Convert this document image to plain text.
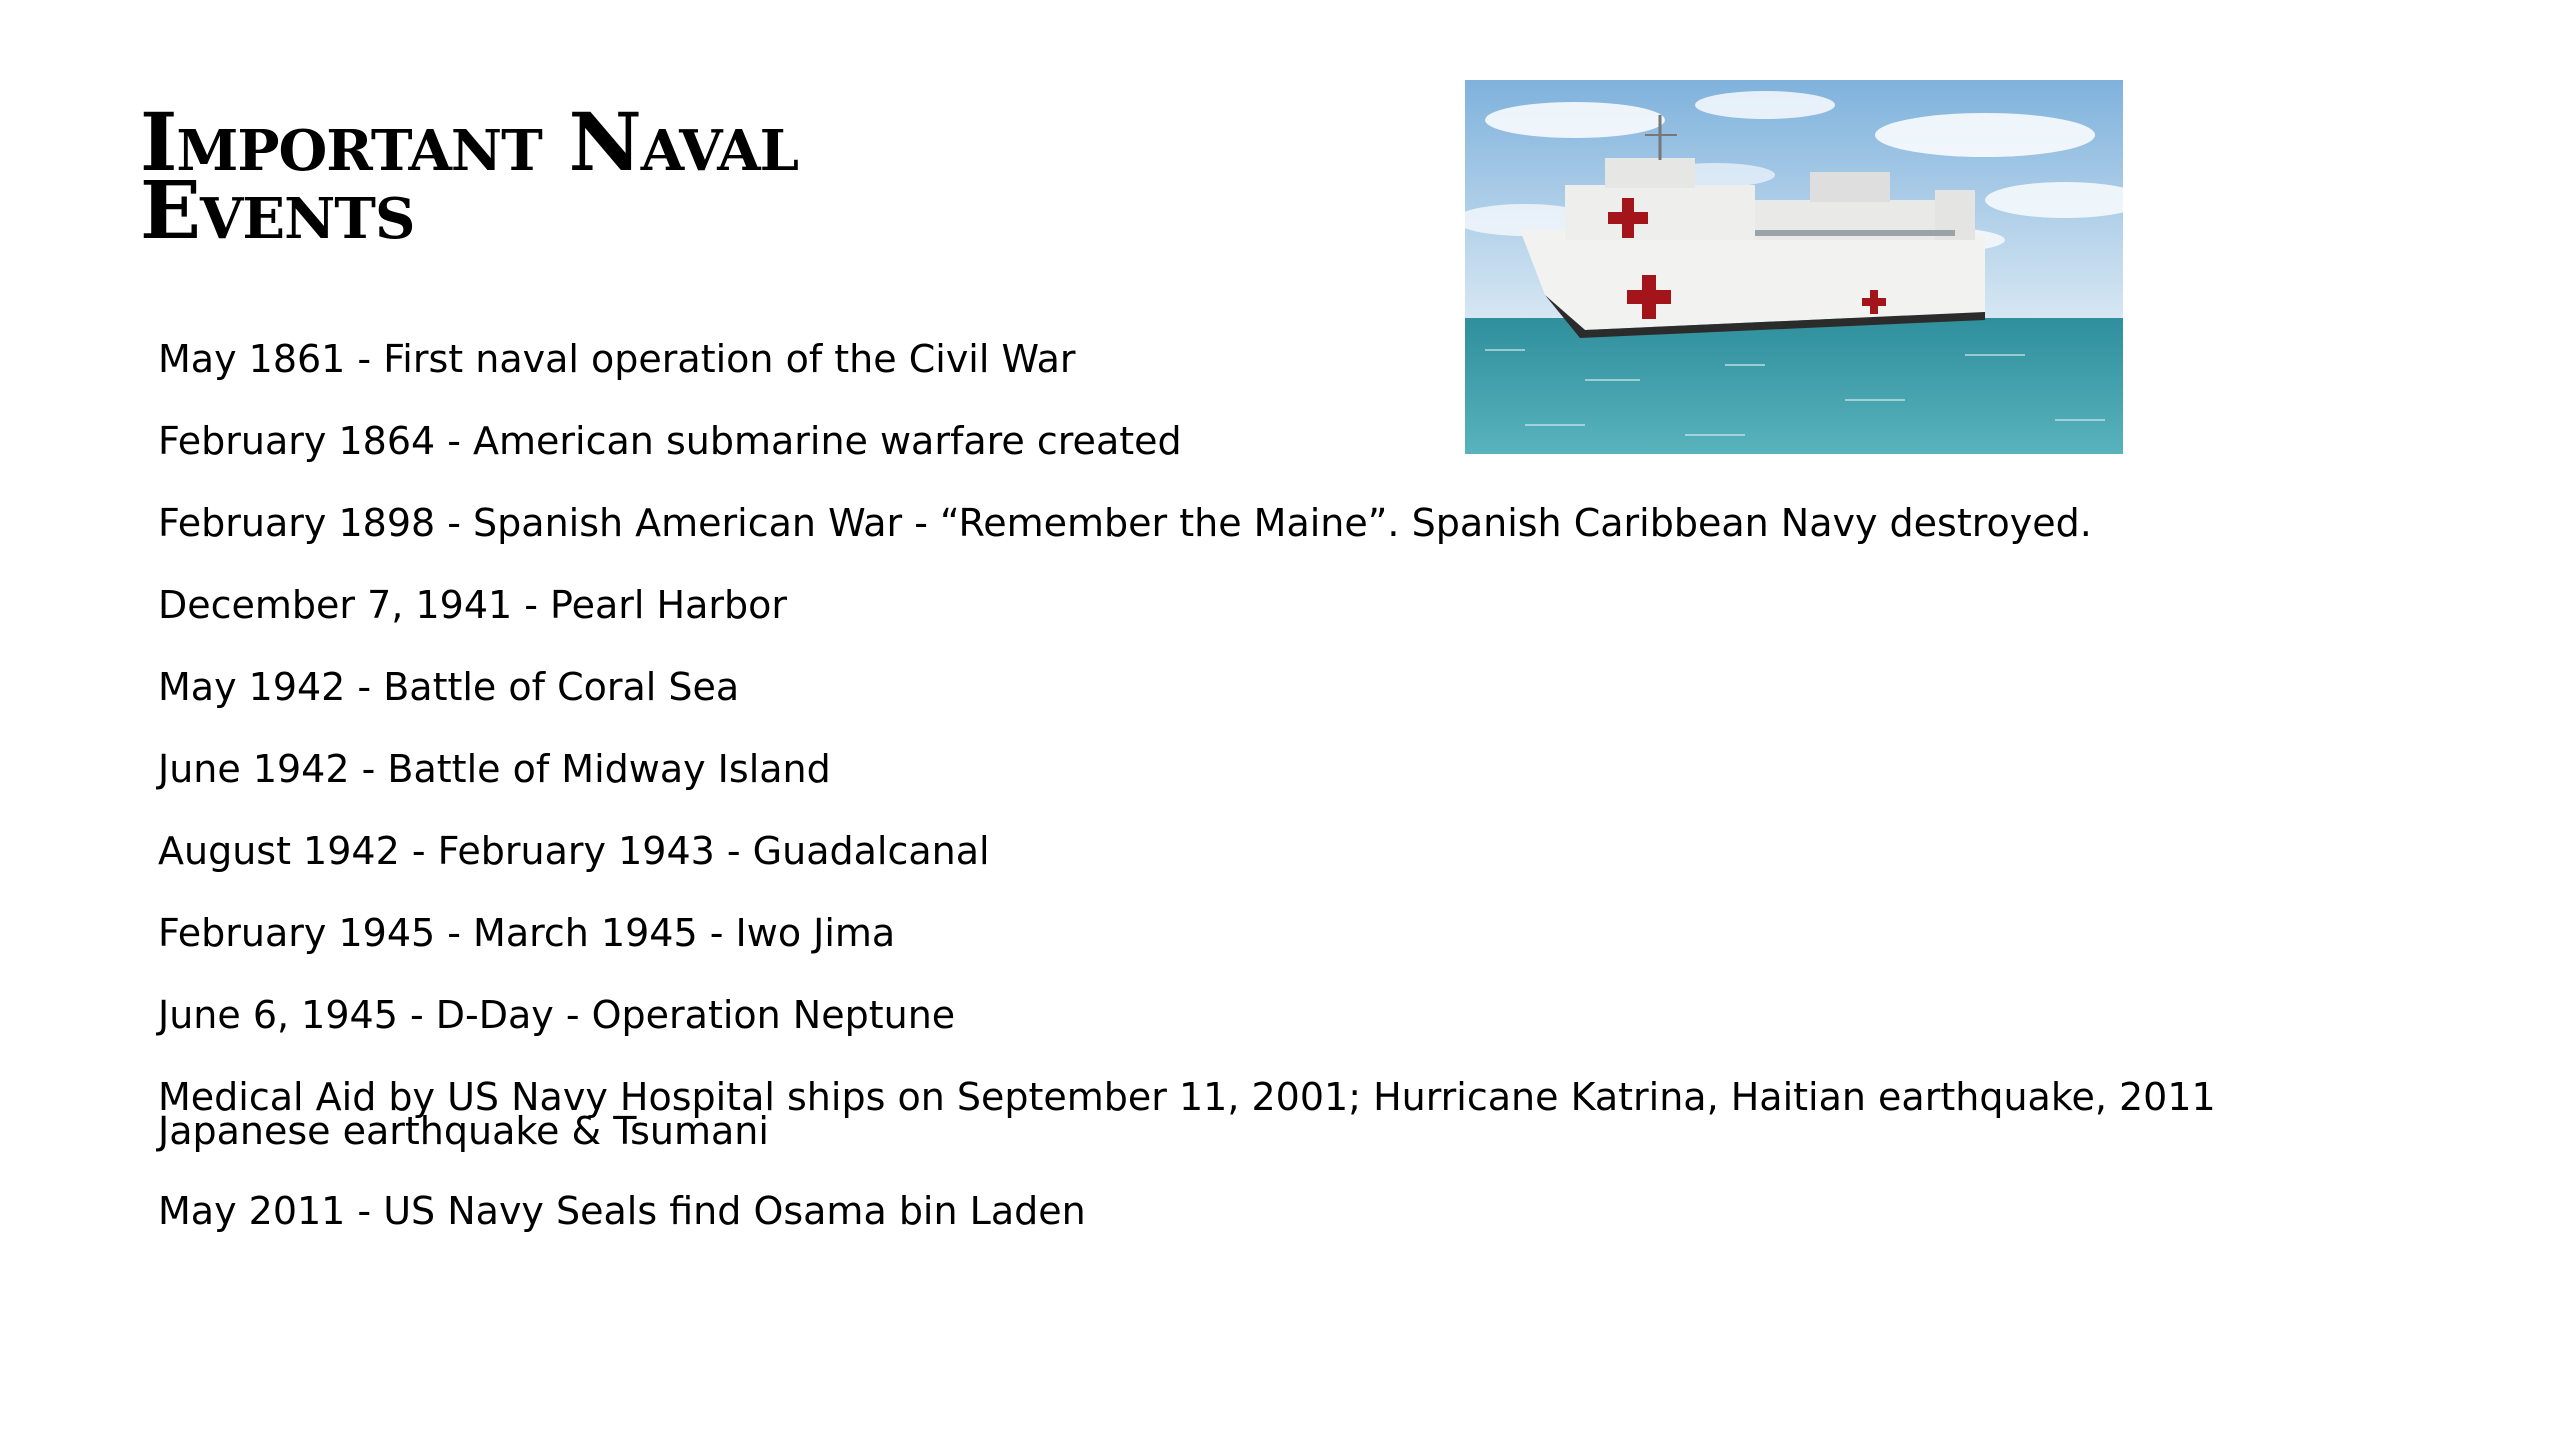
Important Naval
Events
May 1861 - First naval operation of the Civil War
February 1864 - American submarine warfare created
February 1898 - Spanish American War - “Remember the Maine”. Spanish Caribbean Navy destroyed.
December 7, 1941 - Pearl Harbor
May 1942 - Battle of Coral Sea
June 1942 - Battle of Midway Island
August 1942 - February 1943 - Guadalcanal
February 1945 - March 1945 - Iwo Jima
June 6, 1945 - D-Day - Operation Neptune
Medical Aid by US Navy Hospital ships on September 11, 2001; Hurricane Katrina, Haitian earthquake, 2011 Japanese earthquake & Tsumani
May 2011 - US Navy Seals find Osama bin Laden
